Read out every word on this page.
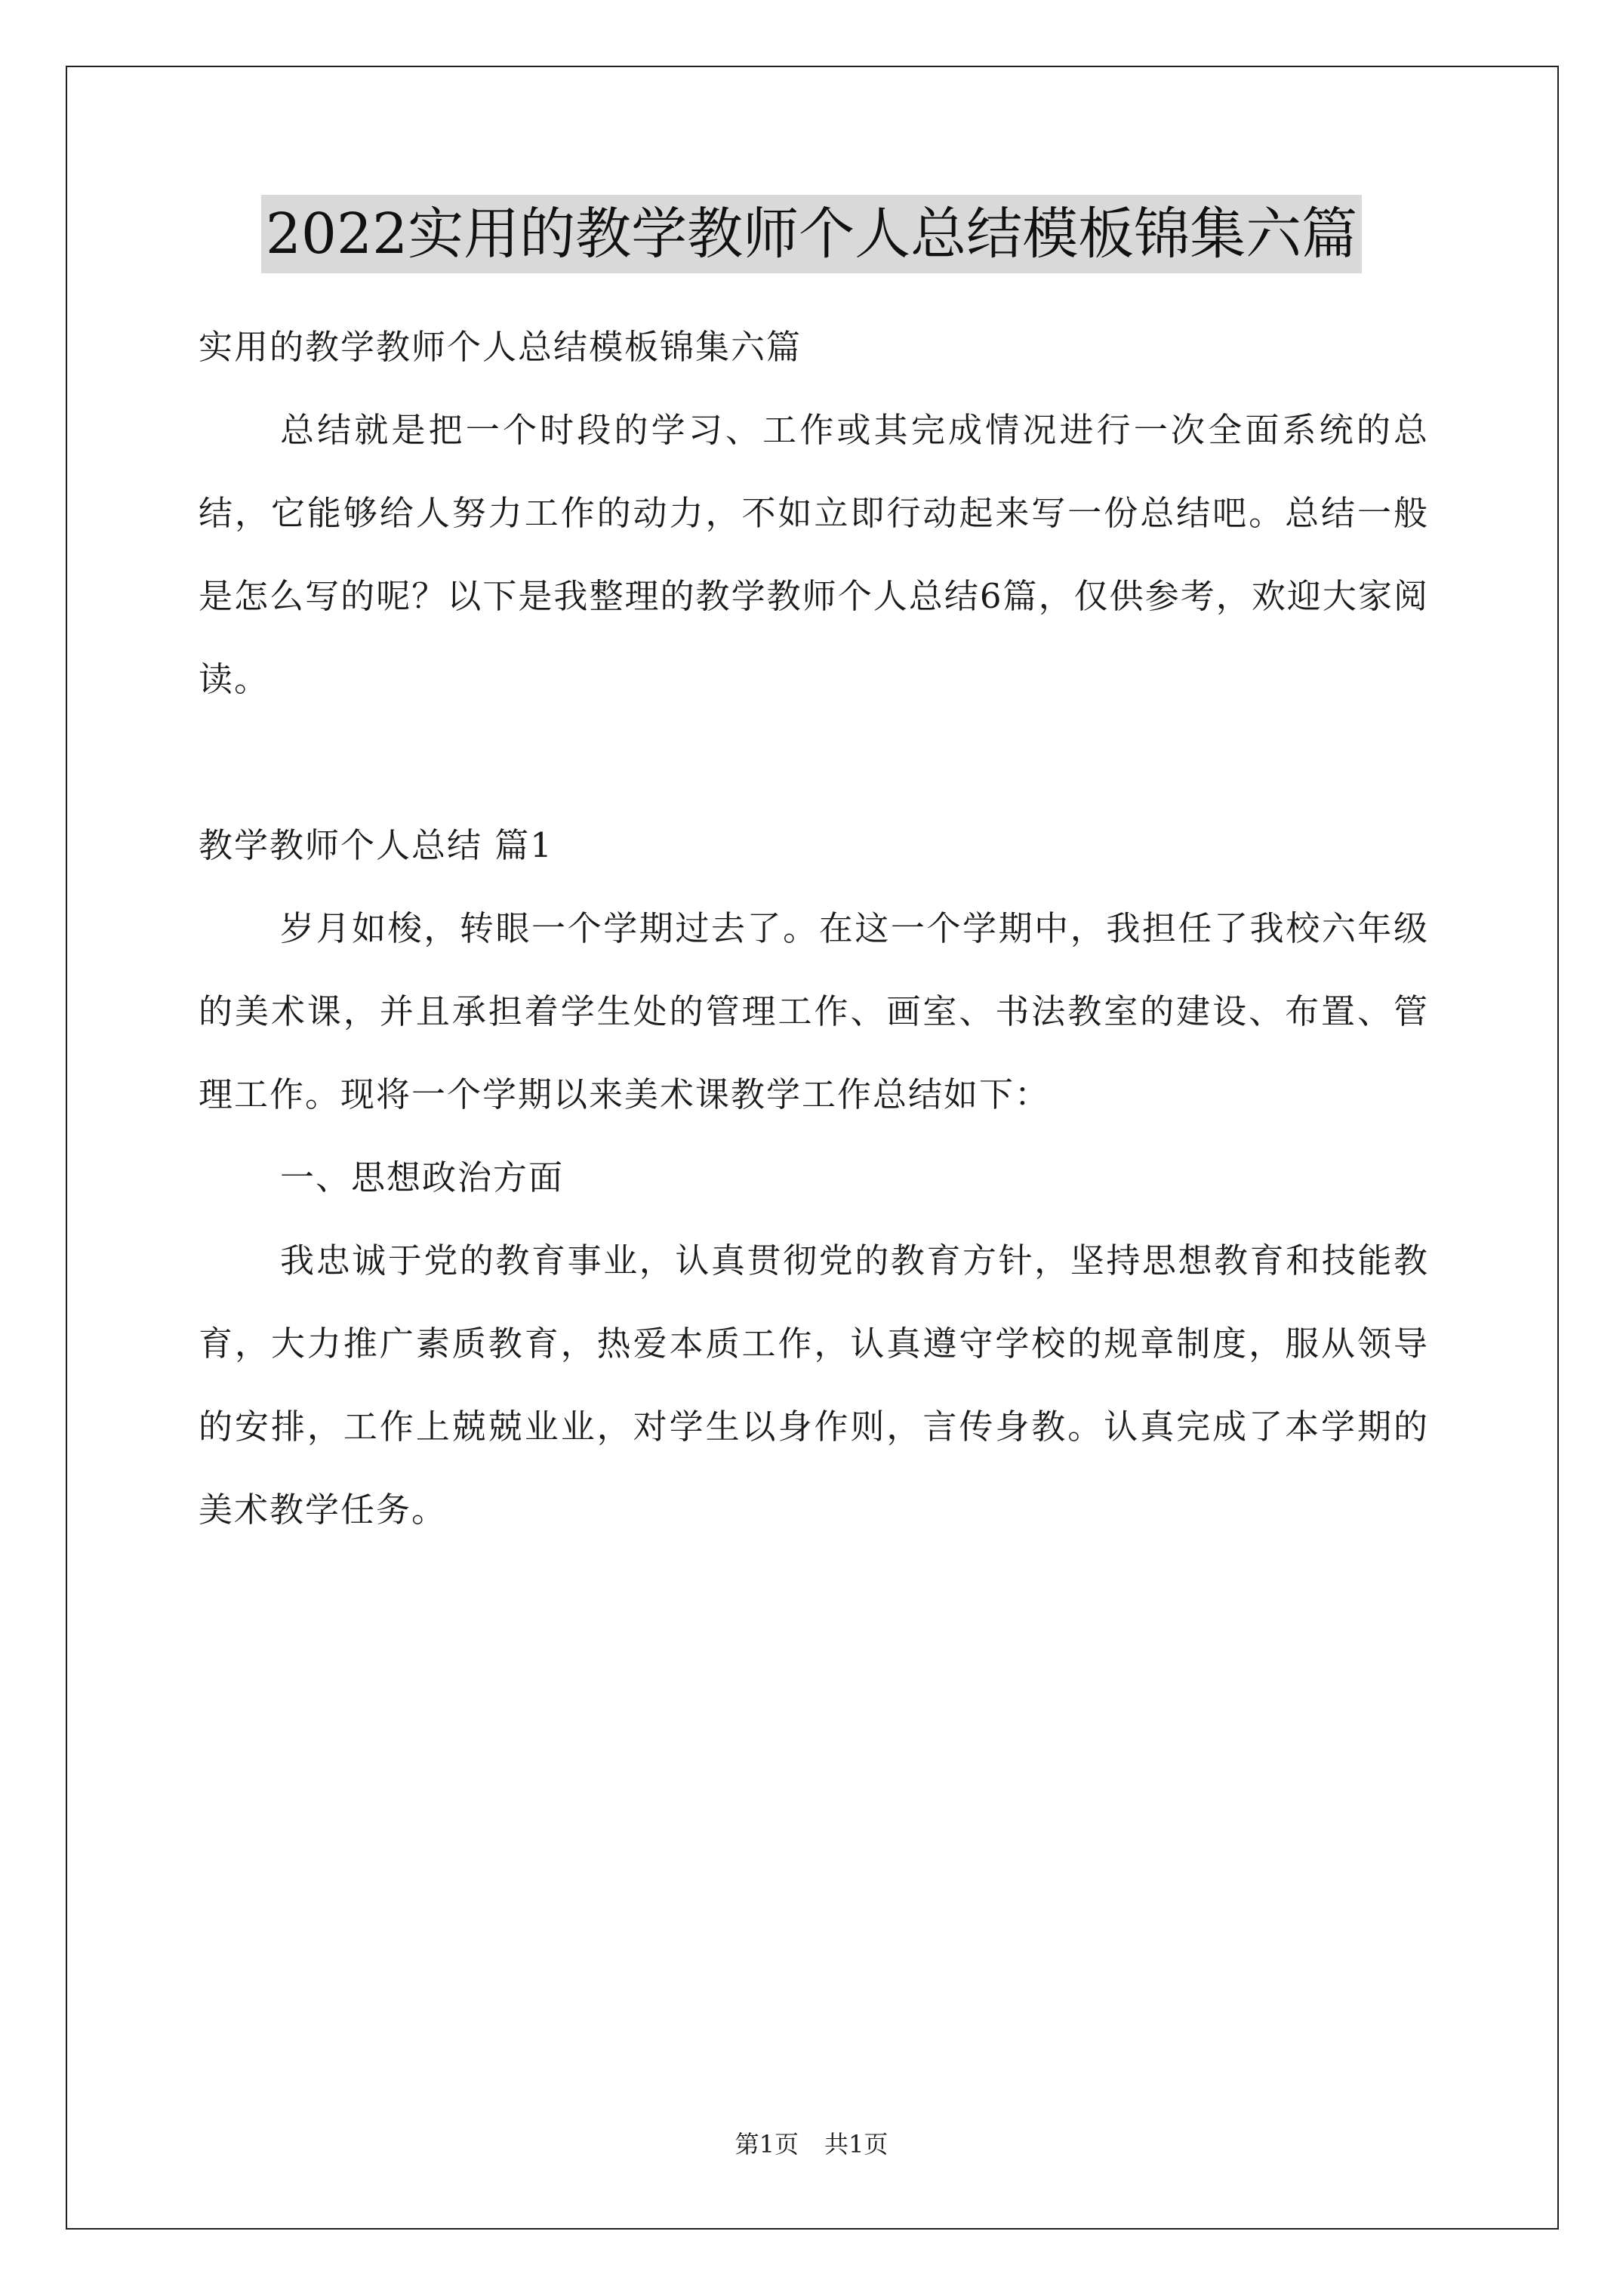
2022实用的教学教师个人总结模板锦集六篇

实用的教学教师个人总结模板锦集六篇

总结就是把一个时段的学习、工作或其完成情况进行一次全面系统的总结，它能够给人努力工作的动力，不如立即行动起来写一份总结吧。总结一般是怎么写的呢？以下是我整理的教学教师个人总结6篇，仅供参考，欢迎大家阅读。

教学教师个人总结 篇1

岁月如梭，转眼一个学期过去了。在这一个学期中，我担任了我校六年级的美术课，并且承担着学生处的管理工作、画室、书法教室的建设、布置、管理工作。现将一个学期以来美术课教学工作总结如下：

一、思想政治方面

我忠诚于党的教育事业，认真贯彻党的教育方针，坚持思想教育和技能教育，大力推广素质教育，热爱本质工作，认真遵守学校的规章制度，服从领导的安排，工作上兢兢业业，对学生以身作则，言传身教。认真完成了本学期的美术教学任务。

第1页 共1页
